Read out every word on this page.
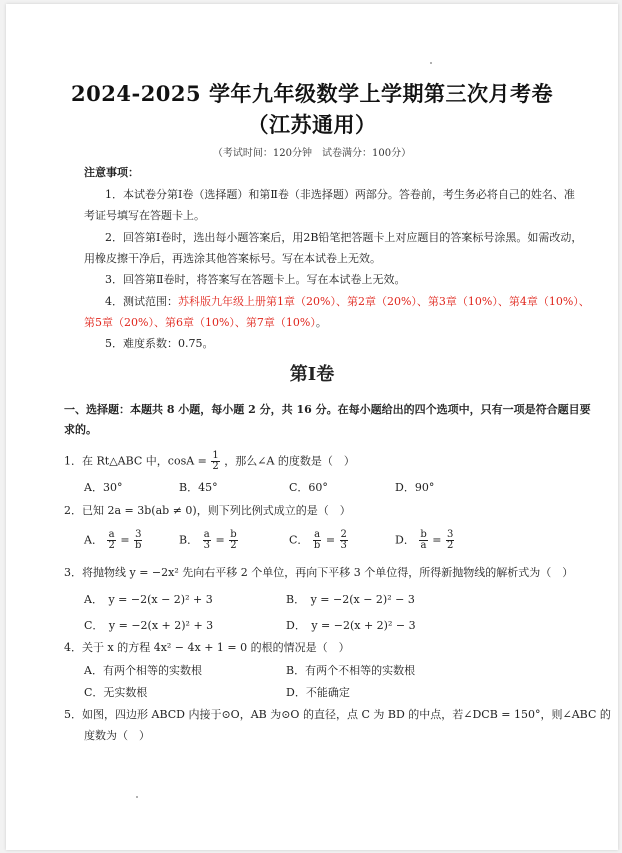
2024-2025 学年九年级数学上学期第三次月考卷
（江苏通用）
（考试时间：120分钟　试卷满分：100分）
注意事项：
1．本试卷分第Ⅰ卷（选择题）和第Ⅱ卷（非选择题）两部分。答卷前，考生务必将自己的姓名、准
考证号填写在答题卡上。
2．回答第Ⅰ卷时，选出每小题答案后，用2B铅笔把答题卡上对应题目的答案标号涂黑。如需改动，
用橡皮擦干净后，再选涂其他答案标号。写在本试卷上无效。
3．回答第Ⅱ卷时，将答案写在答题卡上。写在本试卷上无效。
4．测试范围：苏科版九年级上册第1章（20%）、第2章（20%）、第3章（10%）、第4章（10%）、
第5章（20%）、第6章（10%）、第7章（10%）。
5．难度系数：0.75。
第Ⅰ卷
一、选择题：本题共 8 小题，每小题 2 分，共 16 分。在每小题给出的四个选项中，只有一项是符合题目要
求的。
1．在 Rt△ABC 中，$\cos A = \frac{1}{2}$ ，那么∠A 的度数是（　）
A．30°	B．45°	C．60°	D．90°
2．已知 2a = 3b(ab ≠ 0)，则下列比例式成立的是（　）
A． $\frac{a}{2} = \frac{3}{b}$	B． $\frac{a}{3} = \frac{b}{2}$	C． $\frac{a}{b} = \frac{2}{3}$	D． $\frac{b}{a} = \frac{3}{2}$
3．将抛物线 y = −2x² 先向右平移 2 个单位，再向下平移 3 个单位得，所得新抛物线的解析式为（　）
A．　y = −2(x − 2)² + 3	B．　y = −2(x − 2)² − 3
C．　y = −2(x + 2)² + 3	D．　y = −2(x + 2)² − 3
4．关于 x 的方程 4x² − 4x + 1 = 0 的根的情况是（　）
A．有两个相等的实数根	B．有两个不相等的实数根
C．无实数根	D．不能确定
5．如图，四边形 ABCD 内接于⊙O，AB 为⊙O 的直径，点 C 为 BD 的中点，若∠DCB = 150°，则∠ABC 的
度数为（　）
